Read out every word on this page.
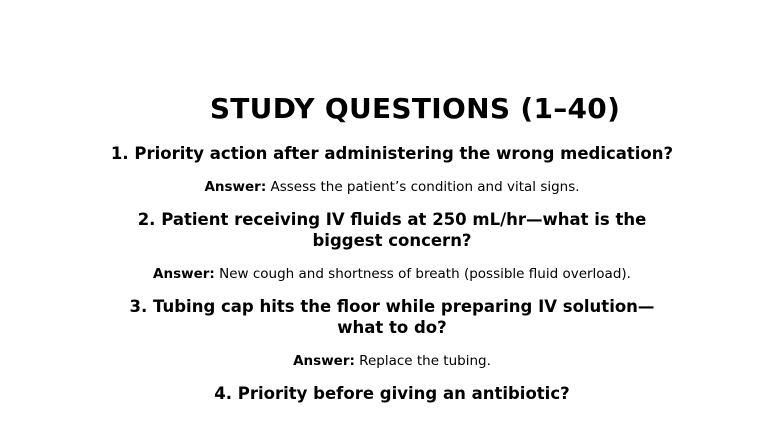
STUDY QUESTIONS (1–40)

1. Priority action after administering the wrong medication?

Answer: Assess the patient’s condition and vital signs.

2. Patient receiving IV fluids at 250 mL/hr—what is the biggest concern?

Answer: New cough and shortness of breath (possible fluid overload).

3. Tubing cap hits the floor while preparing IV solution—what to do?

Answer: Replace the tubing.

4. Priority before giving an antibiotic?
